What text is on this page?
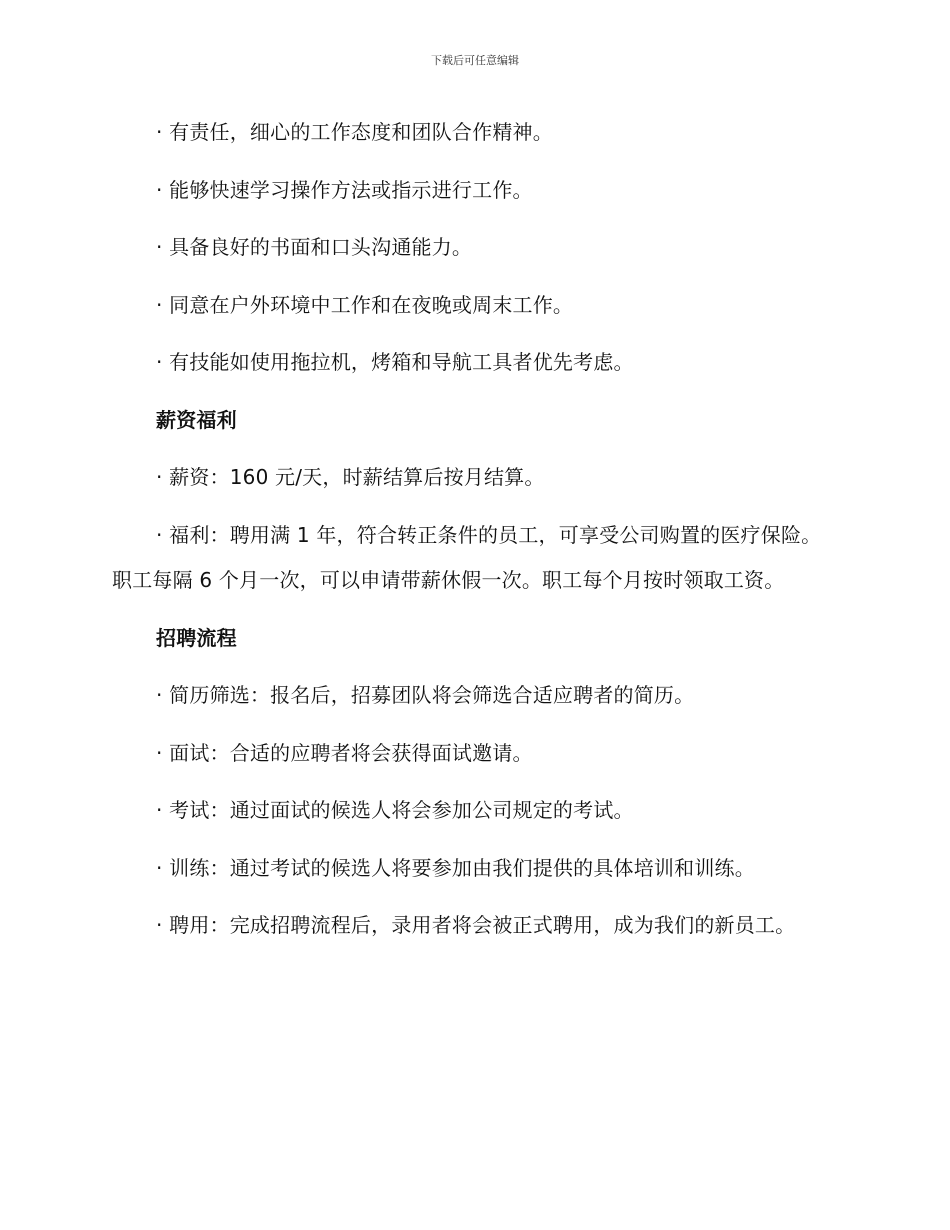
下载后可任意编辑

· 有责任，细心的工作态度和团队合作精神。

· 能够快速学习操作方法或指示进行工作。

· 具备良好的书面和口头沟通能力。

· 同意在户外环境中工作和在夜晚或周末工作。

· 有技能如使用拖拉机，烤箱和导航工具者优先考虑。

薪资福利

· 薪资：160 元/天，时薪结算后按月结算。

· 福利：聘用满 1 年，符合转正条件的员工，可享受公司购置的医疗保险。职工每隔 6 个月一次，可以申请带薪休假一次。职工每个月按时领取工资。

招聘流程

· 简历筛选：报名后，招募团队将会筛选合适应聘者的简历。

· 面试：合适的应聘者将会获得面试邀请。

· 考试：通过面试的候选人将会参加公司规定的考试。

· 训练：通过考试的候选人将要参加由我们提供的具体培训和训练。

· 聘用：完成招聘流程后，录用者将会被正式聘用，成为我们的新员工。
